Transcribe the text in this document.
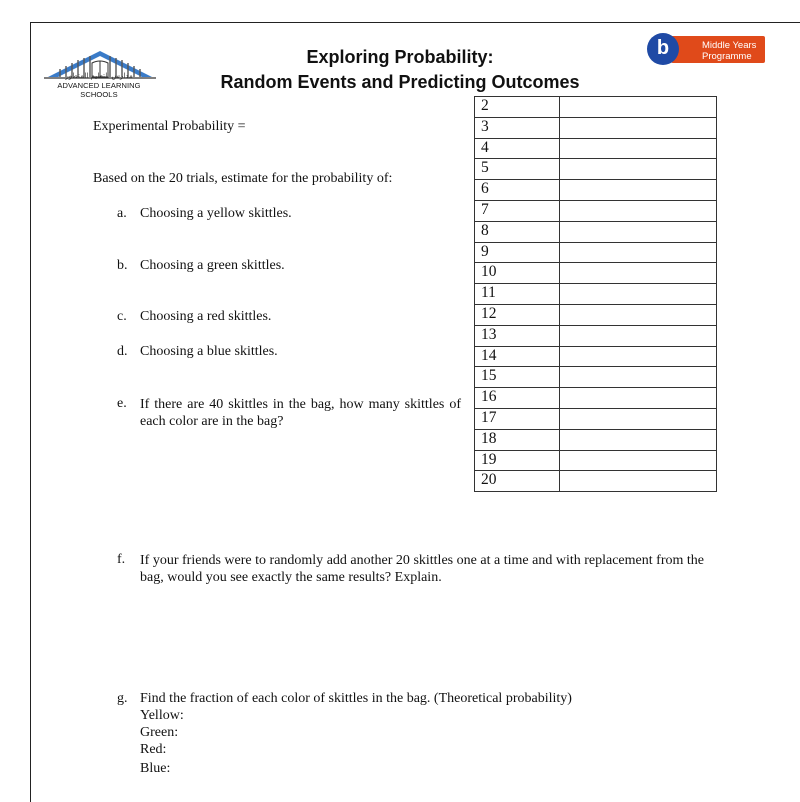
مدارس التعليم المتطور
ADVANCED LEARNING SCHOOLS
Exploring Probability:
Random Events and Predicting Outcomes
Middle Years
Programme
b
Experimental Probability =
Based on the 20 trials, estimate for the probability of:
a. Choosing a yellow skittles.
b. Choosing a green skittles.
c. Choosing a red skittles.
d. Choosing a blue skittles.
e. If there are 40 skittles in the bag, how many skittles of each color are in the bag?
2	
3	
4	
5	
6	
7	
8	
9	
10	
11	
12	
13	
14	
15	
16	
17	
18	
19	
20	
f.	If your friends were to randomly add another 20 skittles one at a time and with replacement from the bag, would you see exactly the same results? Explain.
g. Find the fraction of each color of skittles in the bag. (Theoretical probability)
Yellow:
Green:
Red:
Blue:
